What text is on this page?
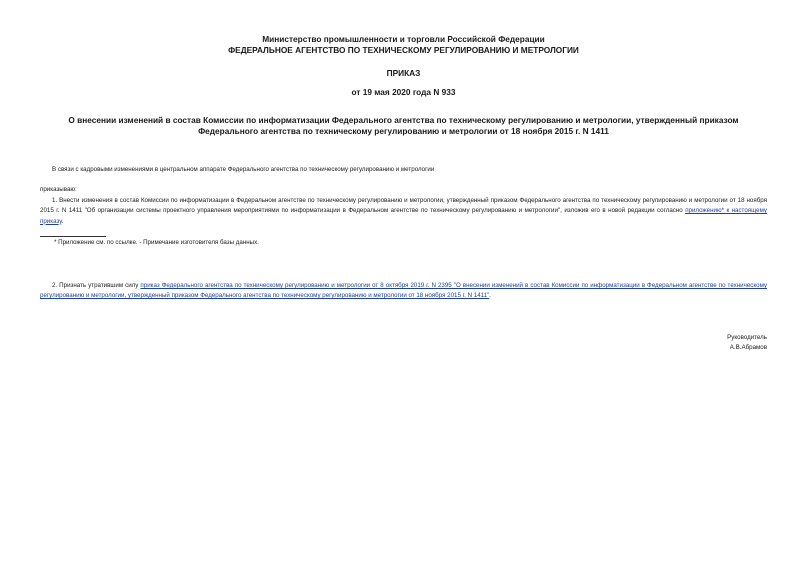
Министерство промышленности и торговли Российской Федерации
ФЕДЕРАЛЬНОЕ АГЕНТСТВО ПО ТЕХНИЧЕСКОМУ РЕГУЛИРОВАНИЮ И МЕТРОЛОГИИ
ПРИКАЗ
от 19 мая 2020 года N 933
О внесении изменений в состав Комиссии по информатизации Федерального агентства по техническому регулированию и метрологии, утвержденный приказом
Федерального агентства по техническому регулированию и метрологии от 18 ноября 2015 г. N 1411
В связи с кадровыми изменениями в центральном аппарате Федерального агентства по техническому регулированию и метрологии
приказываю:
1. Внести изменения в состав Комиссии по информатизации в Федеральном агентстве по техническому регулированию и метрологии, утвержденный приказом Федерального агентства по техническому регулированию и метрологии от 18 ноября 2015 г. N 1411 "Об организации системы проектного управления мероприятиями по информатизации в Федеральном агентстве по техническому регулированию и метрологии", изложив его в новой редакции согласно приложению* к настоящему приказу.
* Приложение см. по ссылке. - Примечание изготовителя базы данных.
2. Признать утратившим силу приказ Федерального агентства по техническому регулированию и метрологии от 8 октября 2019 г. N 2395 "О внесении изменений в состав Комиссии по информатизации в Федеральном агентстве по техническому регулированию и метрологии, утвержденный приказом Федерального агентства по техническому регулированию и метрологии от 18 ноября 2015 г. N 1411".
Руководитель
А.В.Абрамов
